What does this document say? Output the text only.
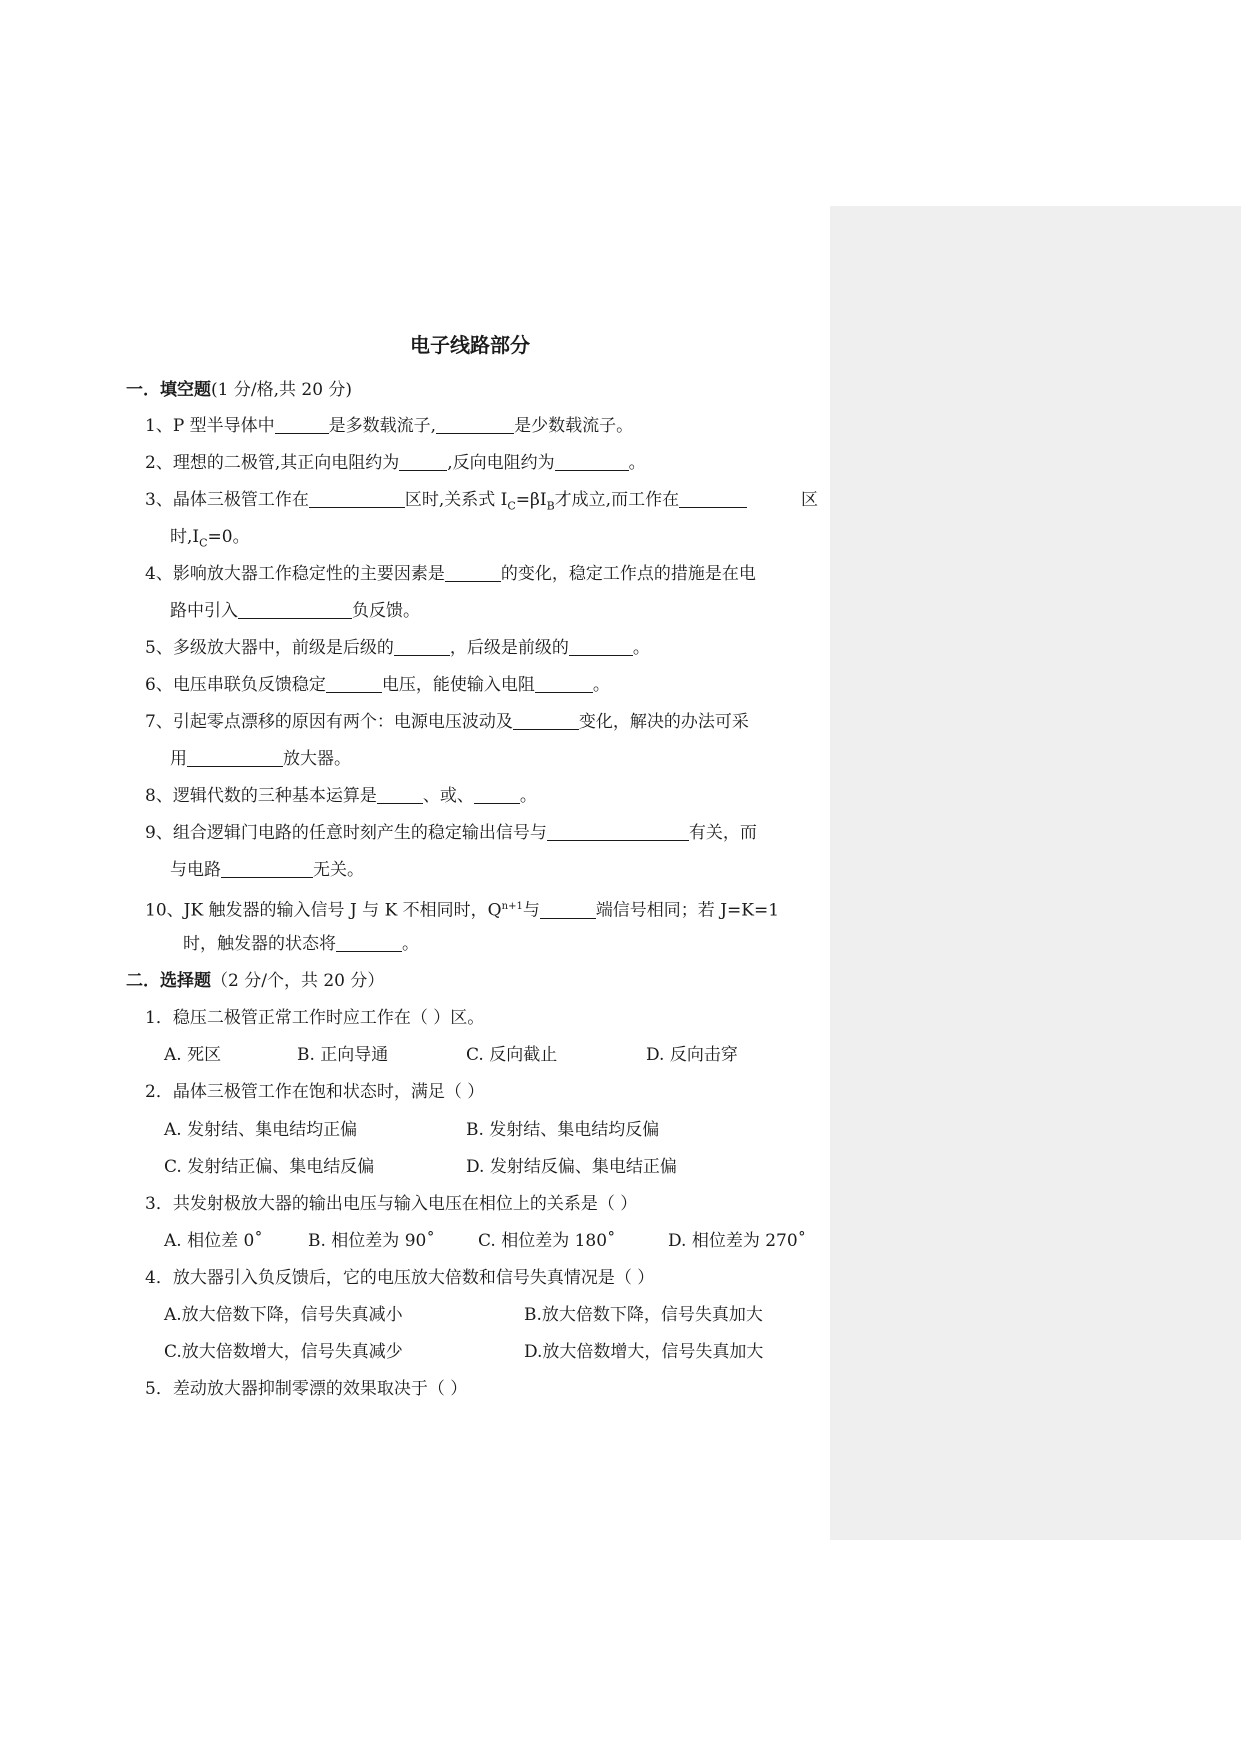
电子线路部分
一．填空题(1 分/格,共 20 分)
1、P 型半导体中	是多数载流子,	是少数载流子。
2、理想的二极管,其正向电阻约为	,反向电阻约为	。
3、晶体三极管工作在	区时,关系式 $I_C=\beta I_B$才成立,而工作在	区
时$,I_C=0$。
4、影响放大器工作稳定性的主要因素是	的变化，稳定工作点的措施是在电
路中引入	负反馈。
5、多级放大器中，前级是后级的	，后级是前级的	。
6、电压串联负反馈稳定	电压，能使输入电阻	。
7、引起零点漂移的原因有两个：电源电压波动及	变化，解决的办法可采
用	放大器。
8、逻辑代数的三种基本运算是	、或、	。
9、组合逻辑门电路的任意时刻产生的稳定输出信号与	有关，而
与电路	无关。
10、JK 触发器的输入信号 J 与 K 不相同时，$Q^{n+1}$与	端信号相同；若 J=K=1
时，触发器的状态将	。
二．选择题（2 分/个，共 20 分）
1．稳压二极管正常工作时应工作在（ ）区。
A. 死区	B. 正向导通	C. 反向截止	D. 反向击穿
2．晶体三极管工作在饱和状态时，满足（ ）
A. 发射结、集电结均正偏	B. 发射结、集电结均反偏
C. 发射结正偏、集电结反偏	D. 发射结反偏、集电结正偏
3．共发射极放大器的输出电压与输入电压在相位上的关系是（ ）
A. 相位差 0˚	B. 相位差为 90˚	C. 相位差为 180˚	D. 相位差为 270˚
4．放大器引入负反馈后，它的电压放大倍数和信号失真情况是（ ）
A.放大倍数下降，信号失真减小	B.放大倍数下降，信号失真加大
C.放大倍数增大，信号失真减少	D.放大倍数增大，信号失真加大
5．差动放大器抑制零漂的效果取决于（ ）
